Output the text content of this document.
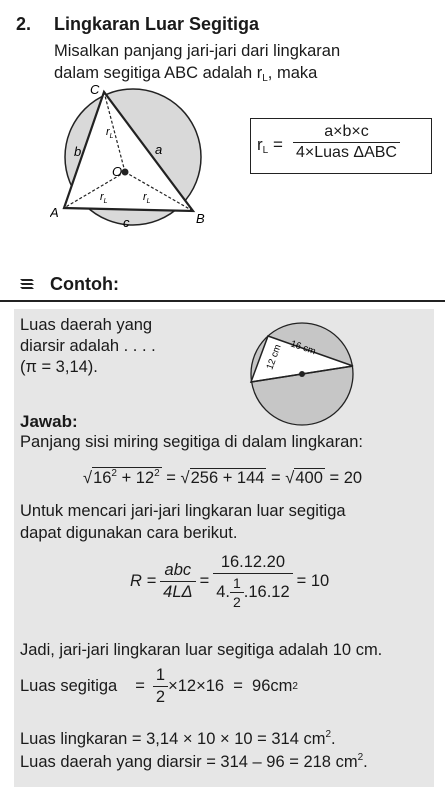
2. Lingkaran Luar Segitiga
Misalkan panjang jari-jari dari lingkaran
dalam segitiga ABC adalah $r_L$, maka
C
A	B
O
b	a
c
$r_L$
$r_L$	$r_L$
$r_L$ =
a×b×c
4×Luas ΔABC
Contoh:
Luas daerah yang
diarsir adalah . . . .
(π = 3,14).
16 cm
12 cm
Jawab:
Panjang sisi miring segitiga di dalam lingkaran:
$√16^2 + 12^2 = √256 + 144 = √400 = 20$
Untuk mencari jari-jari lingkaran luar segitiga
dapat digunakan cara berikut.
$R = \frac{\text{abc}}{4L\Delta} = \frac{16.12.20}{4. \frac{1}{2} .16.12} = 10$
Jadi, jari-jari lingkaran luar segitiga adalah 10 cm.
Luas segitiga = $\frac{1}{2} \times 12\times 16 = 96cm$ 2
Luas lingkaran = 3,14 × 10 × 10 = 314 $cm^2$.
Luas daerah yang diarsir = 314 – 96 = 218 $cm^2$.
